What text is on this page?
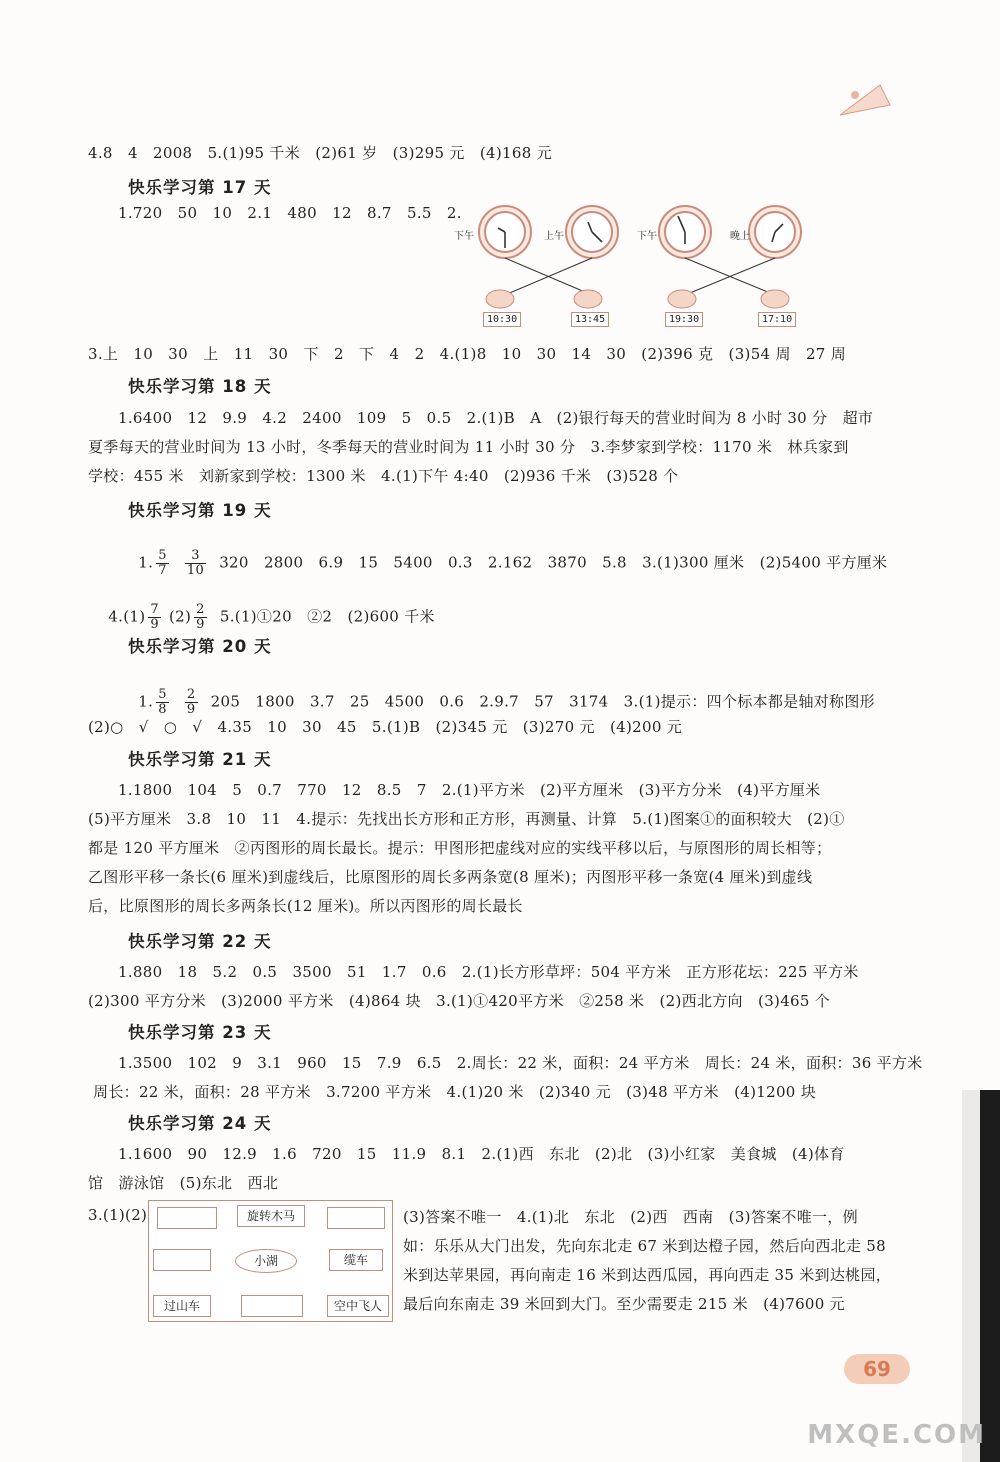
4.8   4   2008   5.(1)95 千米   (2)61 岁   (3)295 元   (4)168 元
快乐学习第 17 天
1.720   50   10   2.1   480   12   8.7   5.5   2.
下午	上午	下午	晚上
10:30	13:45	19:30	17:10
3.上   10   30   上   11   30   下   2   下   4   2   4.(1)8   10   30   14   30   (2)396 克   (3)54 周   27 周
快乐学习第 18 天
1.6400   12   9.9   4.2   2400   109   5   0.5   2.(1)B   A   (2)银行每天的营业时间为 8 小时 30 分   超市
夏季每天的营业时间为 13 小时，冬季每天的营业时间为 11 小时 30 分   3.李梦家到学校：1170 米   林兵家到
学校：455 米   刘新家到学校：1300 米   4.(1)下午 4:40   (2)936 千米   (3)528 个
快乐学习第 19 天

1. $\frac{5}{7}$
$\frac{3}{10} 320$   2800   6.9   15   5400   0.3   2.162   3870   5.8   3.(1)300 厘米   (2)5400 平方厘米

$4.(1) \frac{7}{9} (2) \frac{2}{9}$ 5.(1)①20   ②2   (2)600 千米

快乐学习第 20 天

1. $\frac{5}{8}$
$\frac{2}{9} 205$   1800   3.7   25   4500   0.6   2.9.7   57   3174   3.(1)提示：四个标本都是轴对称图形

(2)○   √   ○   √   4.35   10   30   45   5.(1)B   (2)345 元   (3)270 元   (4)200 元
快乐学习第 21 天
1.1800   104   5   0.7   770   12   8.5   7   2.(1)平方米   (2)平方厘米   (3)平方分米   (4)平方厘米
(5)平方厘米   3.8   10   11   4.提示：先找出长方形和正方形，再测量、计算   5.(1)图案①的面积较大   (2)①
都是 120 平方厘米   ②丙图形的周长最长。提示：甲图形把虚线对应的实线平移以后，与原图形的周长相等；
乙图形平移一条长(6 厘米)到虚线后，比原图形的周长多两条宽(8 厘米)；丙图形平移一条宽(4 厘米)到虚线
后，比原图形的周长多两条长(12 厘米)。所以丙图形的周长最长
快乐学习第 22 天
1.880   18   5.2   0.5   3500   51   1.7   0.6   2.(1)长方形草坪：504 平方米   正方形花坛：225 平方米
(2)300 平方分米   (3)2000 平方米   (4)864 块   3.(1)①420平方米   ②258 米   (2)西北方向   (3)465 个
快乐学习第 23 天
1.3500   102   9   3.1   960   15   7.9   6.5   2.周长：22 米，面积：24 平方米   周长：24 米，面积：36 平方米
周长：22 米，面积：28 平方米   3.7200 平方米   4.(1)20 米   (2)340 元   (3)48 平方米   (4)1200 块
快乐学习第 24 天
1.1600   90   12.9   1.6   720   15   11.9   8.1   2.(1)西   东北   (2)北   (3)小红家   美食城   (4)体育
馆   游泳馆   (5)东北   西北
3.(1)(2)	旋转木马
小湖	缆车
过山车	空中飞人
(3)答案不唯一   4.(1)北   东北   (2)西   西南   (3)答案不唯一，例
如：乐乐从大门出发，先向东北走 67 米到达橙子园，然后向西北走 58
米到达苹果园，再向南走 16 米到达西瓜园，再向西走 35 米到达桃园，
最后向东南走 39 米回到大门。至少需要走 215 米   (4)7600 元
69
MXQE.COM
